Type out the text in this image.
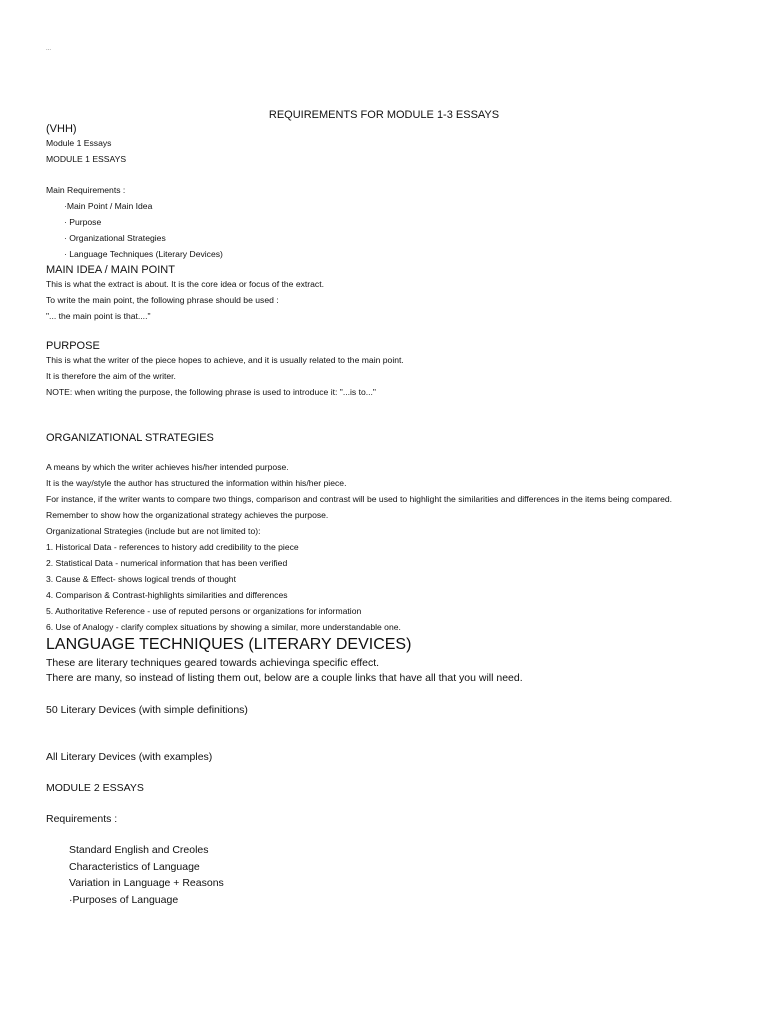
...
REQUIREMENTS FOR MODULE 1-3 ESSAYS
(VHH)
Module 1 Essays
MODULE 1 ESSAYS
Main Requirements :
·Main Point / Main Idea
· Purpose
· Organizational Strategies
· Language Techniques (Literary Devices)
MAIN IDEA / MAIN POINT
This is what the extract is about. It is the core idea or focus of the extract.
To write the main point, the following phrase should be used :
"... the main point is that...."
PURPOSE
This is what the writer of the piece hopes to achieve, and it is usually related to the main point.
It is therefore the aim of the writer.
NOTE: when writing the purpose, the following phrase is used to introduce it: "...is to..."
ORGANIZATIONAL STRATEGIES
A means by which the writer achieves his/her intended purpose.
It is the way/style the author has structured the information within his/her piece.
For instance, if the writer wants to compare two things, comparison and contrast will be used to highlight the similarities and differences in the items being compared.
Remember to show how the organizational strategy achieves the purpose.
Organizational Strategies (include but are not limited to):
1. Historical Data - references to history add credibility to the piece
2. Statistical Data - numerical information that has been verified
3. Cause & Effect- shows logical trends of thought
4. Comparison & Contrast-highlights similarities and differences
5. Authoritative Reference - use of reputed persons or organizations for information
6. Use of Analogy - clarify complex situations by showing a similar, more understandable one.
LANGUAGE TECHNIQUES (LITERARY DEVICES)
These are literary techniques geared towards achievinga specific effect.
There are many, so instead of listing them out, below are a couple links that have all that you will need.
50 Literary Devices (with simple definitions)
All Literary Devices (with examples)
MODULE 2 ESSAYS
Requirements :
Standard English and Creoles
Characteristics of Language
Variation in Language + Reasons
·Purposes of Language
